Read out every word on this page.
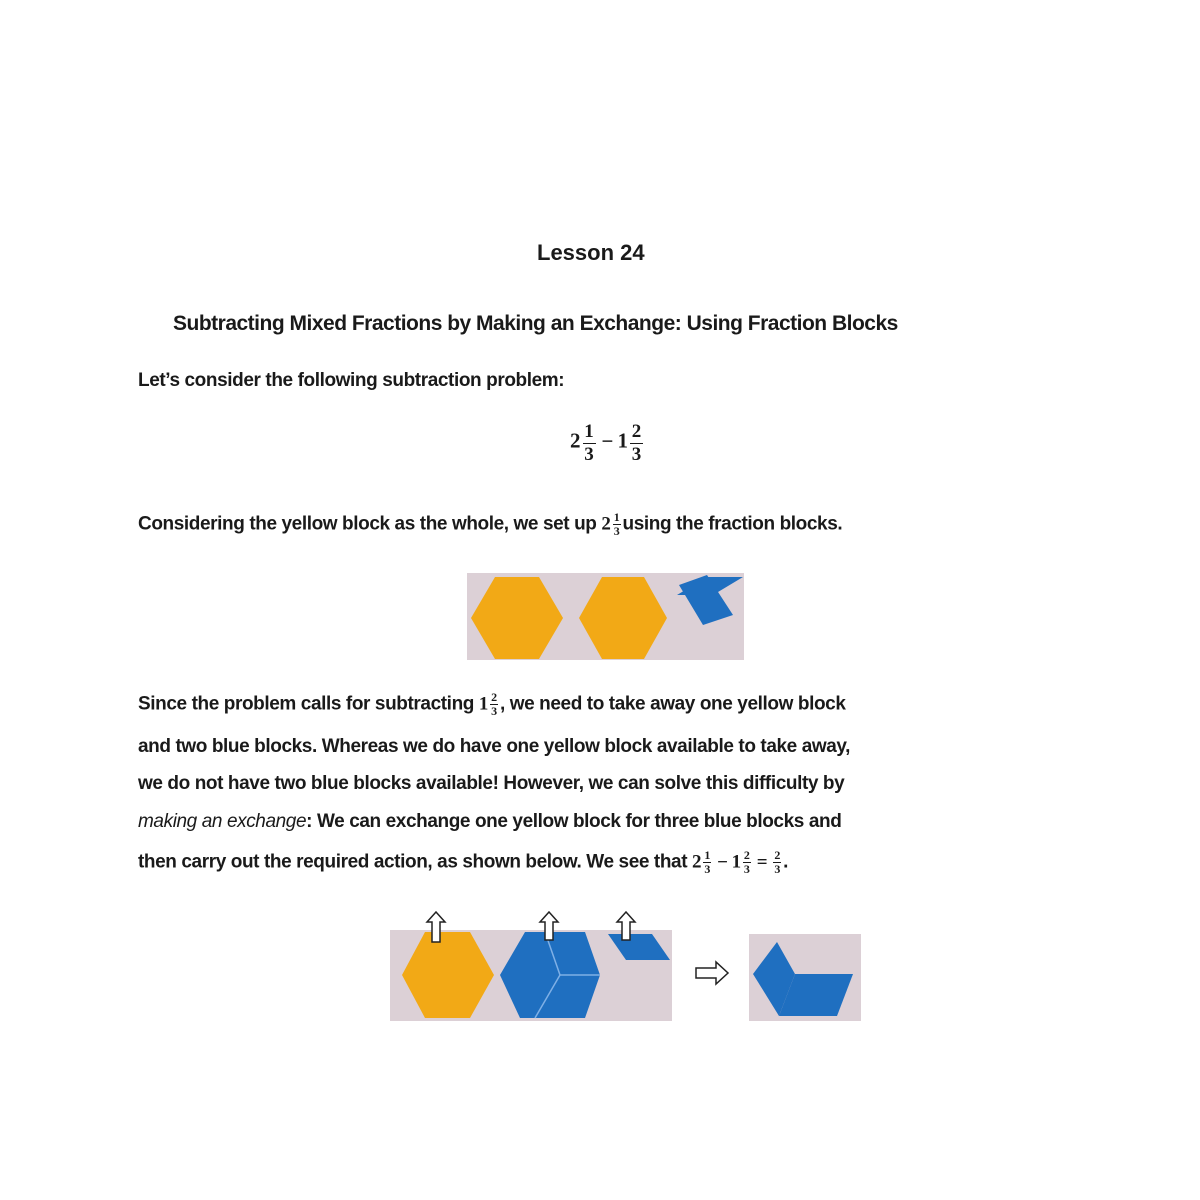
Lesson 24
Subtracting Mixed Fractions by Making an Exchange: Using Fraction Blocks
Let’s consider the following subtraction problem:
$2 \frac{1}{3} - 1 \frac{2}{3}$
Considering the yellow block as the whole, we set up $2 \frac{1}{3}$ using the fraction blocks.
Since the problem calls for subtracting $1 \frac{2}{3}$ , we need to take away one yellow block
and two blue blocks. Whereas we do have one yellow block available to take away,
we do not have two blue blocks available! However, we can solve this difficulty by
making an exchange: We can exchange one yellow block for three blue blocks and
then carry out the required action, as shown below. We see that $2 \frac{1}{3} - 1 \frac{2}{3} = \frac{2}{3}$ .
